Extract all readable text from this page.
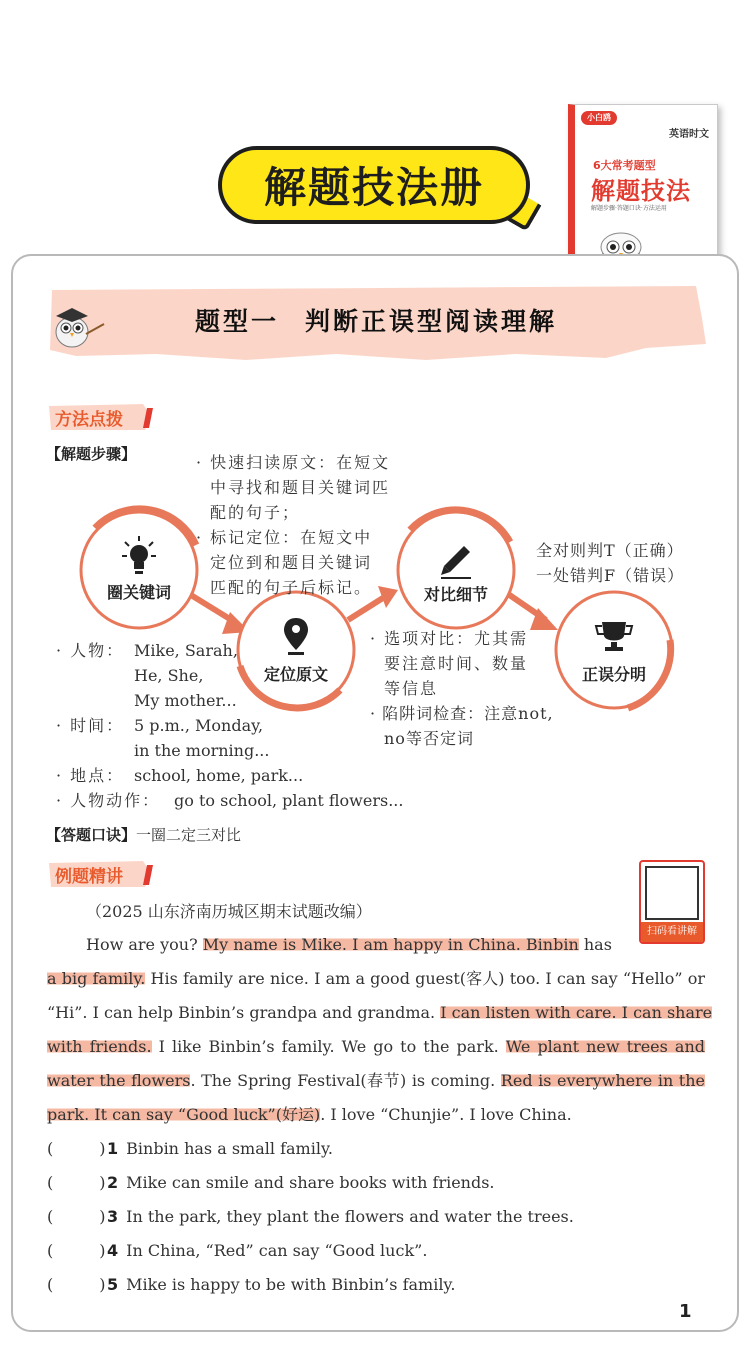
解题技法册
小白鸥
英语时文
6大常考题型
解题技法
解题步骤·答题口诀·方法运用
题型一 判断正误型阅读理解
方法点拨
【解题步骤】
圈关键词
定位原文
对比细节
正误分明
· 快速扫读原文：在短文
中寻找和题目关键词匹
配的句子；
· 标记定位：在短文中
定位到和题目关键词
匹配的句子后标记。
全对则判T（正确）
一处错判F（错误）
· 人物： Mike, Sarah,
He, She,
My mother...
· 时间： 5 p.m., Monday,
in the morning...
· 地点： school, home, park...
· 人物动作： go to school, plant flowers...
· 选项对比：尤其需
要注意时间、数量
等信息
· 陷阱词检查：注意not,
no等否定词
【答题口诀】一圈二定三对比
例题精讲
扫码看讲解
（2025 山东济南历城区期末试题改编）
How are you? My name is Mike. I am happy in China. Binbin has
a big family. His family are nice. I am a good guest(客人) too. I can say “Hello” or
“Hi”. I can help Binbin’s grandpa and grandma. I can listen with care. I can share
with friends. I like Binbin’s family. We go to the park. We plant new trees and
water the flowers. The Spring Festival(春节) is coming. Red is everywhere in the
park. It can say “Good luck”(好运). I love “Chunjie”. I love China.
(	)1 Binbin has a small family.
(	)2 Mike can smile and share books with friends.
(	)3 In the park, they plant the flowers and water the trees.
(	)4 In China, “Red” can say “Good luck”.
(	)5 Mike is happy to be with Binbin’s family.
1
